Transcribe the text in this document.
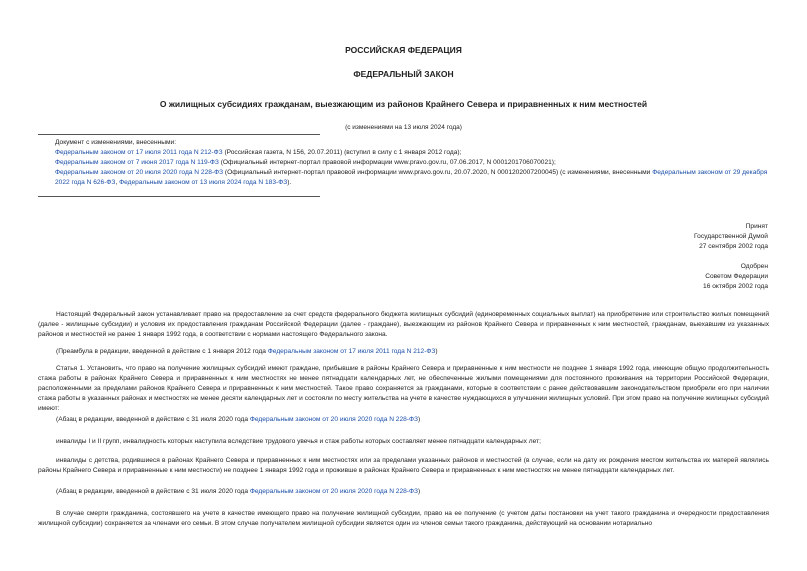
РОССИЙСКАЯ ФЕДЕРАЦИЯ
ФЕДЕРАЛЬНЫЙ ЗАКОН
О жилищных субсидиях гражданам, выезжающим из районов Крайнего Севера и приравненных к ним местностей
(с изменениями на 13 июля 2024 года)
Документ с изменениями, внесенными:
Федеральным законом от 17 июля 2011 года N 212-ФЗ (Российская газета, N 156, 20.07.2011) (вступил в силу с 1 января 2012 года);
Федеральным законом от 7 июня 2017 года N 119-ФЗ (Официальный интернет-портал правовой информации www.pravo.gov.ru, 07.06.2017, N 0001201706070021);
Федеральным законом от 20 июля 2020 года N 228-ФЗ (Официальный интернет-портал правовой информации www.pravo.gov.ru, 20.07.2020, N 0001202007200045) (с изменениями, внесенными Федеральным законом от 29 декабря 2022 года N 626-ФЗ, Федеральным законом от 13 июля 2024 года N 183-ФЗ).
Принят
Государственной Думой
27 сентября 2002 года
Одобрен
Советом Федерации
16 октября 2002 года

Настоящий Федеральный закон устанавливает право на предоставление за счет средств федерального бюджета жилищных субсидий (единовременных социальных выплат) на приобретение или строительство жилых помещений (далее - жилищные субсидии) и условия их предоставления гражданам Российской Федерации (далее - граждане), выезжающим из районов Крайнего Севера и приравненных к ним местностей, гражданам, выехавшим из указанных районов и местностей не ранее 1 января 1992 года, в соответствии с нормами настоящего Федерального закона.

(Преамбула в редакции, введенной в действие с 1 января 2012 года Федеральным законом от 17 июля 2011 года N 212-ФЗ)

Статья 1. Установить, что право на получение жилищных субсидий имеют граждане, прибывшие в районы Крайнего Севера и приравненные к ним местности не позднее 1 января 1992 года, имеющие общую продолжительность стажа работы в районах Крайнего Севера и приравненных к ним местностях не менее пятнадцати календарных лет, не обеспеченные жилыми помещениями для постоянного проживания на территории Российской Федерации, расположенными за пределами районов Крайнего Севера и приравненных к ним местностей. Такое право сохраняется за гражданами, которые в соответствии с ранее действовавшим законодательством приобрели его при наличии стажа работы в указанных районах и местностях не менее десяти календарных лет и состояли по месту жительства на учете в качестве нуждающихся в улучшении жилищных условий. При этом право на получение жилищных субсидий имеют:

(Абзац в редакции, введенной в действие с 31 июля 2020 года Федеральным законом от 20 июля 2020 года N 228-ФЗ)

инвалиды I и II групп, инвалидность которых наступила вследствие трудового увечья и стаж работы которых составляет менее пятнадцати календарных лет;

инвалиды с детства, родившиеся в районах Крайнего Севера и приравненных к ним местностях или за пределами указанных районов и местностей (в случае, если на дату их рождения местом жительства их матерей являлись районы Крайнего Севера и приравненные к ним местности) не позднее 1 января 1992 года и проживше в районах Крайнего Севера и приравненных к ним местностях не менее пятнадцати календарных лет.

(Абзац в редакции, введенной в действие с 31 июля 2020 года Федеральным законом от 20 июля 2020 года N 228-ФЗ)

В случае смерти гражданина, состоявшего на учете в качестве имеющего право на получение жилищной субсидии, право на ее получение (с учетом даты постановки на учет такого гражданина и очередности предоставления жилищной субсидии) сохраняется за членами его семьи. В этом случае получателем жилищной субсидии является один из членов семьи такого гражданина, действующий на основании нотариально
